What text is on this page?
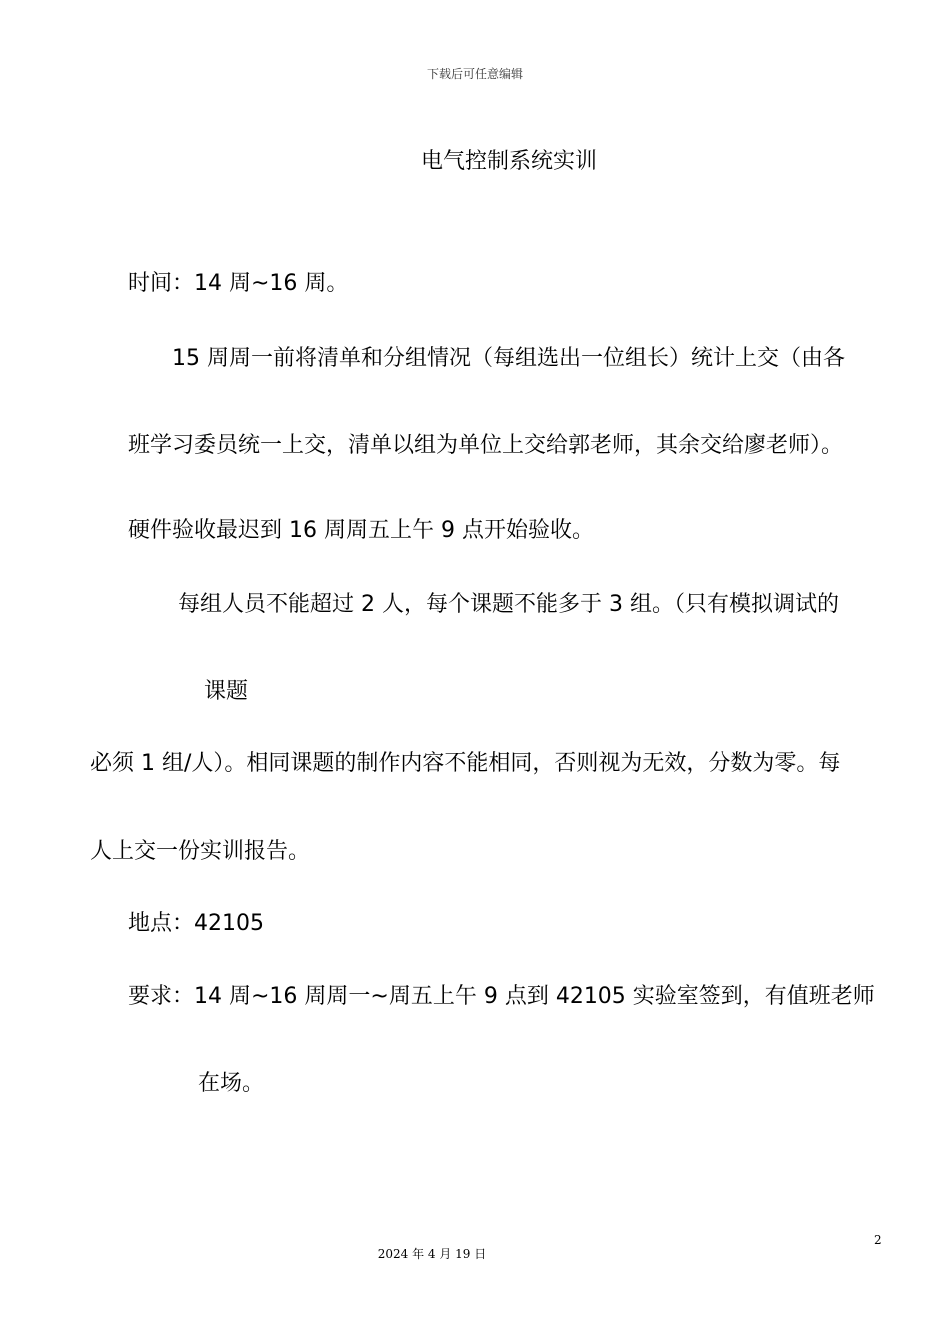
下载后可任意编辑
电气控制系统实训
时间：14 周~16 周。
15 周周一前将清单和分组情况（每组选出一位组长）统计上交（由各
班学习委员统一上交，清单以组为单位上交给郭老师，其余交给廖老师）。
硬件验收最迟到 16 周周五上午 9 点开始验收。
每组人员不能超过 2 人，每个课题不能多于 3 组。（只有模拟调试的
课题
必须 1 组/人）。相同课题的制作内容不能相同，否则视为无效，分数为零。每
人上交一份实训报告。
地点：42105
要求：14 周~16 周周一~周五上午 9 点到 42105 实验室签到，有值班老师
在场。
2
2024 年 4 月 19 日
